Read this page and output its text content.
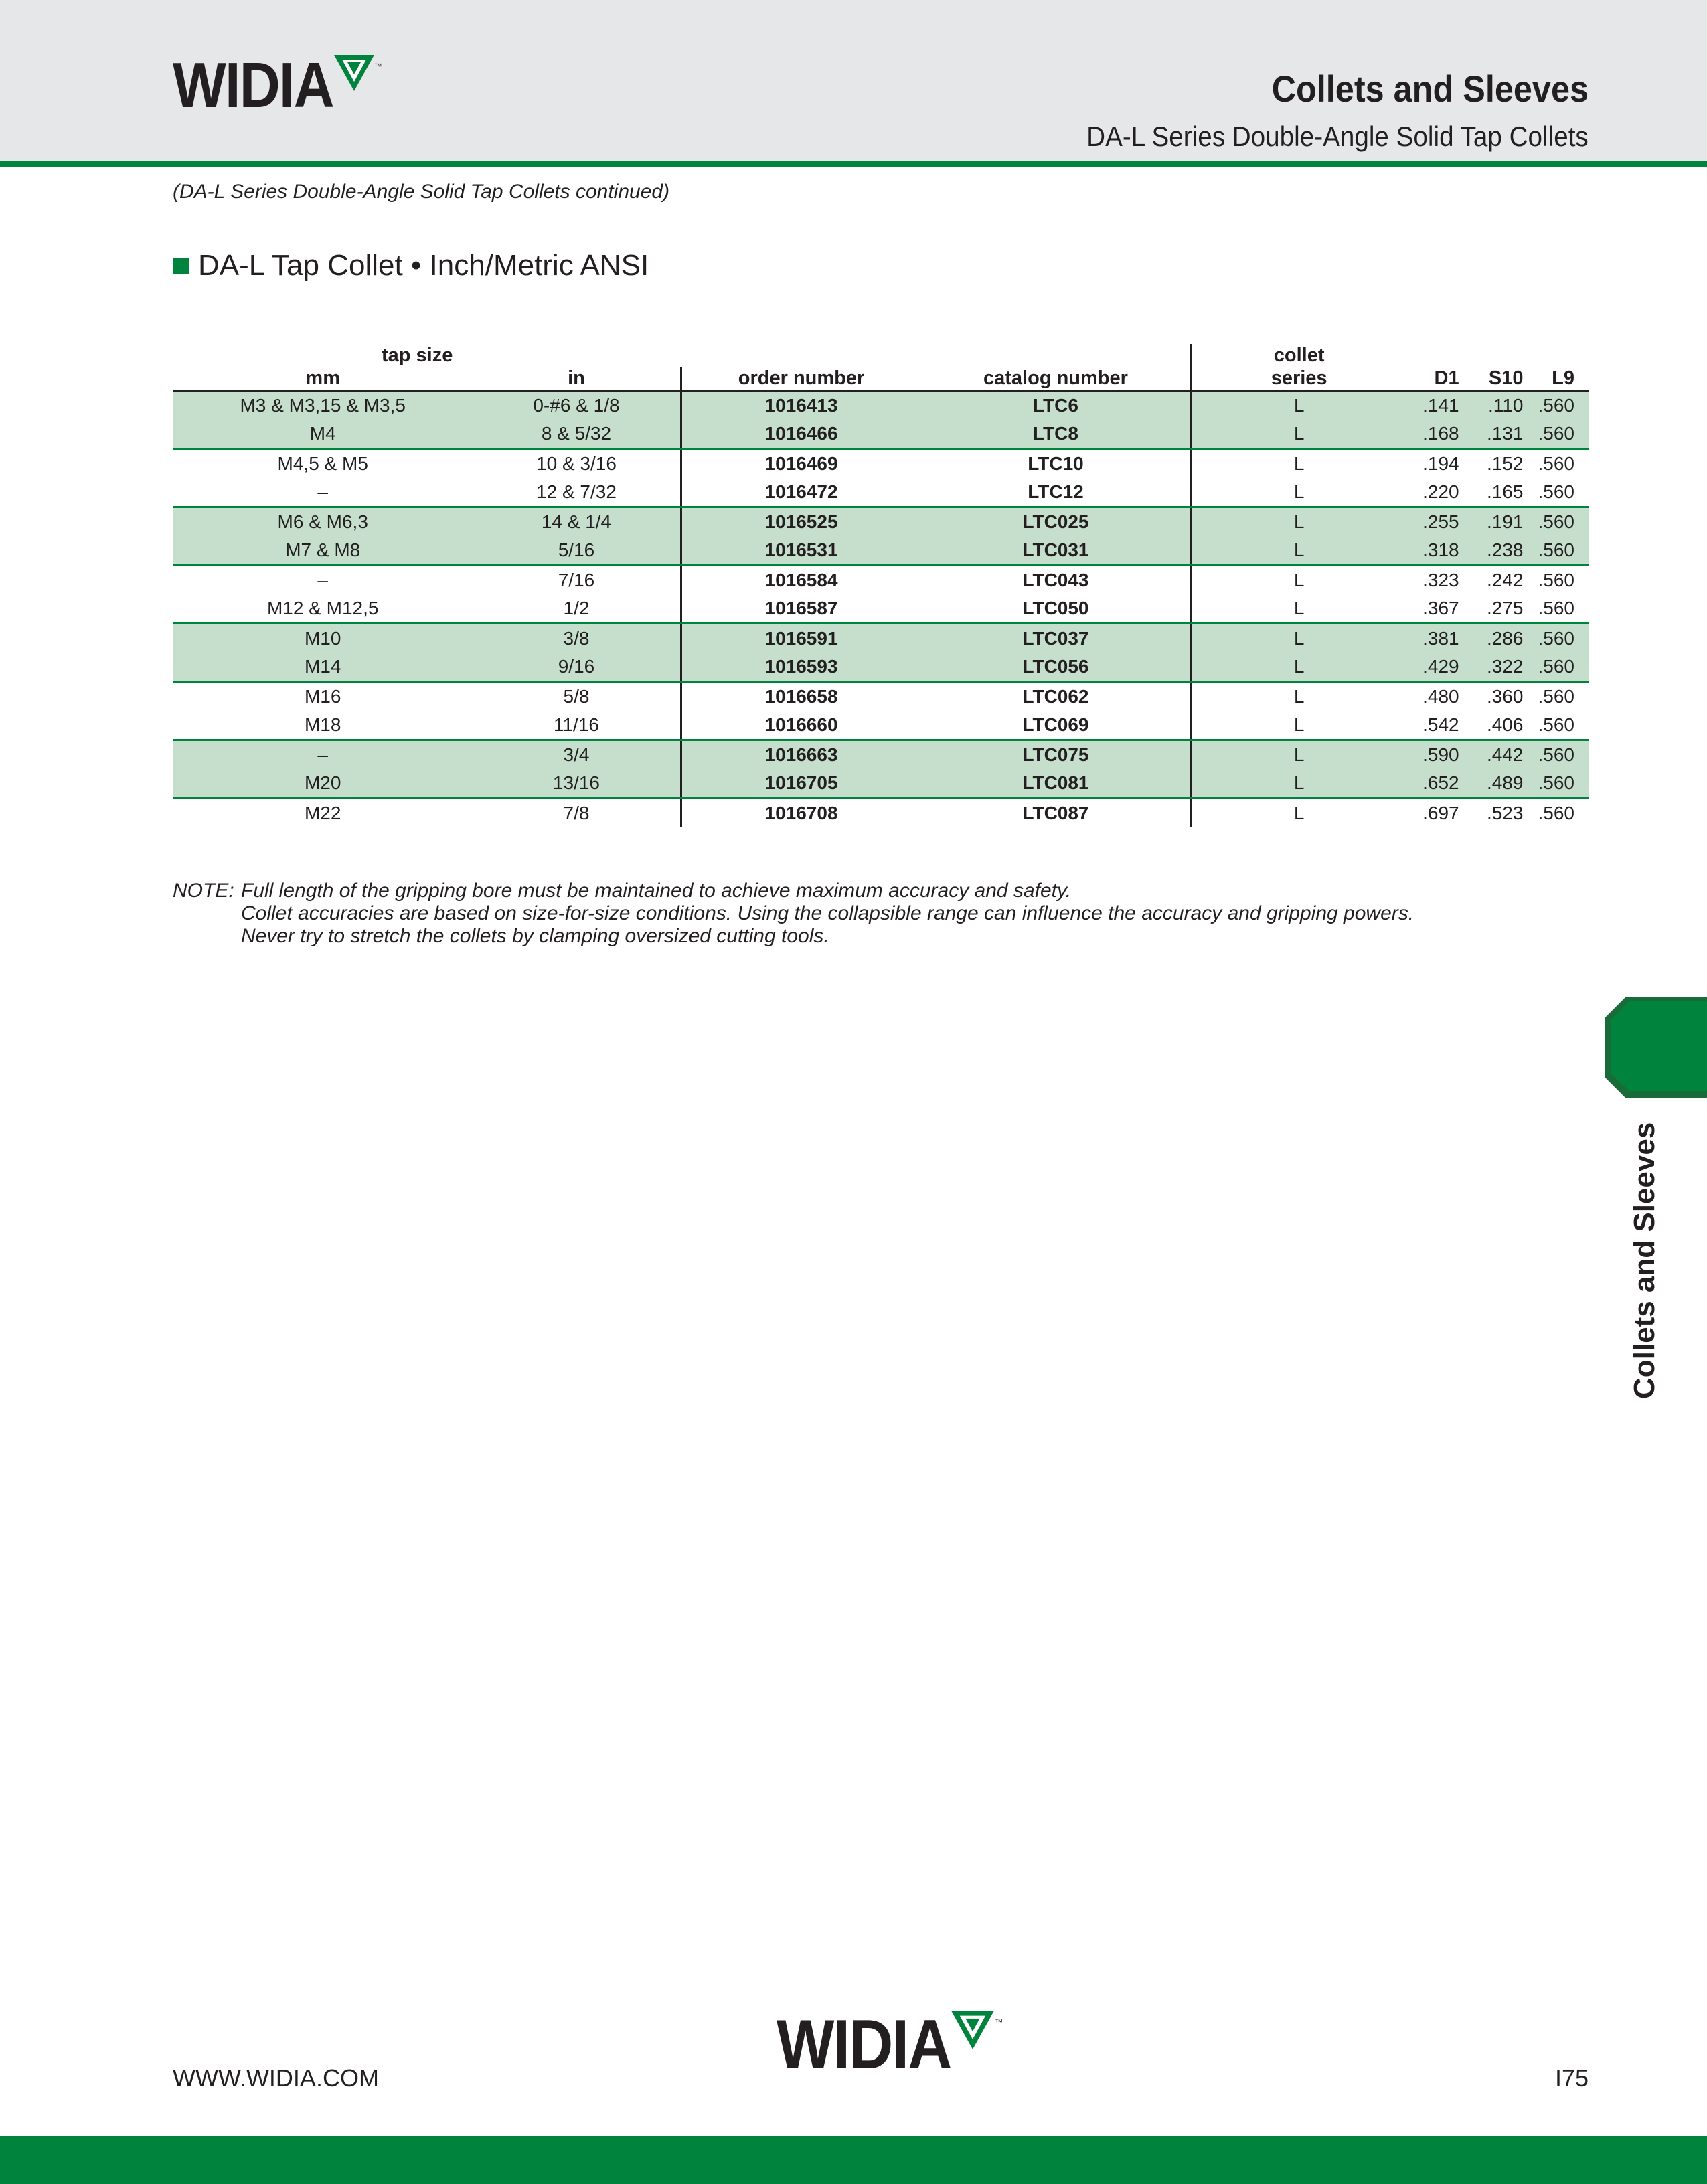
WIDIA	™
Collets and Sleeves
DA-L Series Double-Angle Solid Tap Collets
(DA-L Series Double-Angle Solid Tap Collets continued)
DA-L Tap Collet • Inch/Metric ANSI
tap size				collet			
mm	in	order number	catalog number	series	D1	S10	L9
M3 & M3,15 & M3,5	0-#6 & 1/8	1016413	LTC6	L	.141	.110	.560
M4	8 & 5/32	1016466	LTC8	L	.168	.131	.560
M4,5 & M5	10 & 3/16	1016469	LTC10	L	.194	.152	.560
–	12 & 7/32	1016472	LTC12	L	.220	.165	.560
M6 & M6,3	14 & 1/4	1016525	LTC025	L	.255	.191	.560
M7 & M8	5/16	1016531	LTC031	L	.318	.238	.560
–	7/16	1016584	LTC043	L	.323	.242	.560
M12 & M12,5	1/2	1016587	LTC050	L	.367	.275	.560
M10	3/8	1016591	LTC037	L	.381	.286	.560
M14	9/16	1016593	LTC056	L	.429	.322	.560
M16	5/8	1016658	LTC062	L	.480	.360	.560
M18	11/16	1016660	LTC069	L	.542	.406	.560
–	3/4	1016663	LTC075	L	.590	.442	.560
M20	13/16	1016705	LTC081	L	.652	.489	.560
M22	7/8	1016708	LTC087	L	.697	.523	.560
NOTE: Full length of the gripping bore must be maintained to achieve maximum accuracy and safety.
Collet accuracies are based on size-for-size conditions. Using the collapsible range can influence the accuracy and gripping powers.
Never try to stretch the collets by clamping oversized cutting tools.
Collets and Sleeves
WIDIA	™
WWW.WIDIA.COM	I75
